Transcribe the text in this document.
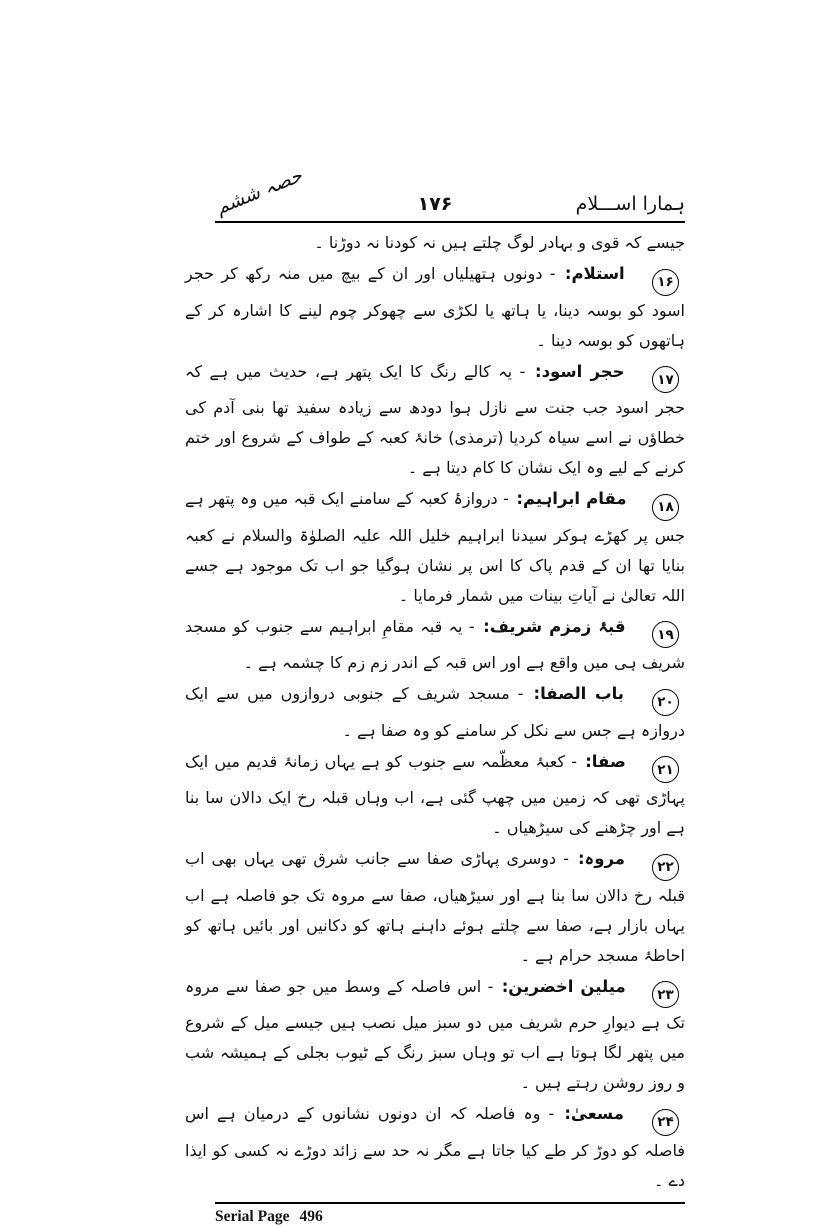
ہمارا اســـلام
۱۷۶
حصہ ششم

جیسے کہ قوی و بہادر لوگ چلتے ہیں نہ کودنا نہ دوڑنا ۔

۱۶
استلام: - دونوں ہتھیلیاں اور ان کے بیچ میں منہ رکھ کر حجر اسود کو بوسہ دینا، یا ہاتھ یا لکڑی سے چھوکر چوم لینے کا اشارہ کر کے ہاتھوں کو بوسہ دینا ۔

۱۷
حجر اسود: - یہ کالے رنگ کا ایک پتھر ہے، حدیث میں ہے کہ حجر اسود جب جنت سے نازل ہوا دودھ سے زیادہ سفید تھا بنی آدم کی خطاؤں نے اسے سیاہ کردیا (ترمذی) خانۂ کعبہ کے طواف کے شروع اور ختم کرنے کے لیے وہ ایک نشان کا کام دیتا ہے ۔

۱۸
مقام ابراہیم: - دروازۂ کعبہ کے سامنے ایک قبہ میں وہ پتھر ہے جس پر کھڑے ہوکر سیدنا ابراہیم خلیل اللہ علیہ الصلوٰۃ والسلام نے کعبہ بنایا تھا ان کے قدم پاک کا اس پر نشان ہوگیا جو اب تک موجود ہے جسے اللہ تعالیٰ نے آیاتِ بینات میں شمار فرمایا ۔

۱۹
قبۂ زمزم شریف: - یہ قبہ مقامِ ابراہیم سے جنوب کو مسجد شریف ہی میں واقع ہے اور اس قبہ کے اندر زم زم کا چشمہ ہے ۔

۲۰
باب الصفا: - مسجد شریف کے جنوبی دروازوں میں سے ایک دروازہ ہے جس سے نکل کر سامنے کو وہ صفا ہے ۔

۲۱
صفا: - کعبۂ معظّمہ سے جنوب کو ہے یہاں زمانۂ قدیم میں ایک پہاڑی تھی کہ زمین میں چھپ گئی ہے، اب وہاں قبلہ رخ ایک دالان سا بنا ہے اور چڑھنے کی سیڑھیاں ۔

۲۲
مروہ: - دوسری پہاڑی صفا سے جانب شرق تھی یہاں بھی اب قبلہ رخ دالان سا بنا ہے اور سیڑھیاں، صفا سے مروہ تک جو فاصلہ ہے اب یہاں بازار ہے، صفا سے چلتے ہوئے داہنے ہاتھ کو دکانیں اور بائیں ہاتھ کو احاطۂ مسجد حرام ہے ۔

۲۳
میلین اخضرین: - اس فاصلہ کے وسط میں جو صفا سے مروہ تک ہے دیوارِ حرم شریف میں دو سبز میل نصب ہیں جیسے میل کے شروع میں پتھر لگا ہوتا ہے اب تو وہاں سبز رنگ کے ٹیوب بجلی کے ہمیشہ شب و روز روشن رہتے ہیں ۔

۲۴
مسعیٰ: - وہ فاصلہ کہ ان دونوں نشانوں کے درمیان ہے اس فاصلہ کو دوڑ کر طے کیا جاتا ہے مگر نہ حد سے زائد دوڑے نہ کسی کو ایذا دے ۔

Serial Page 496
